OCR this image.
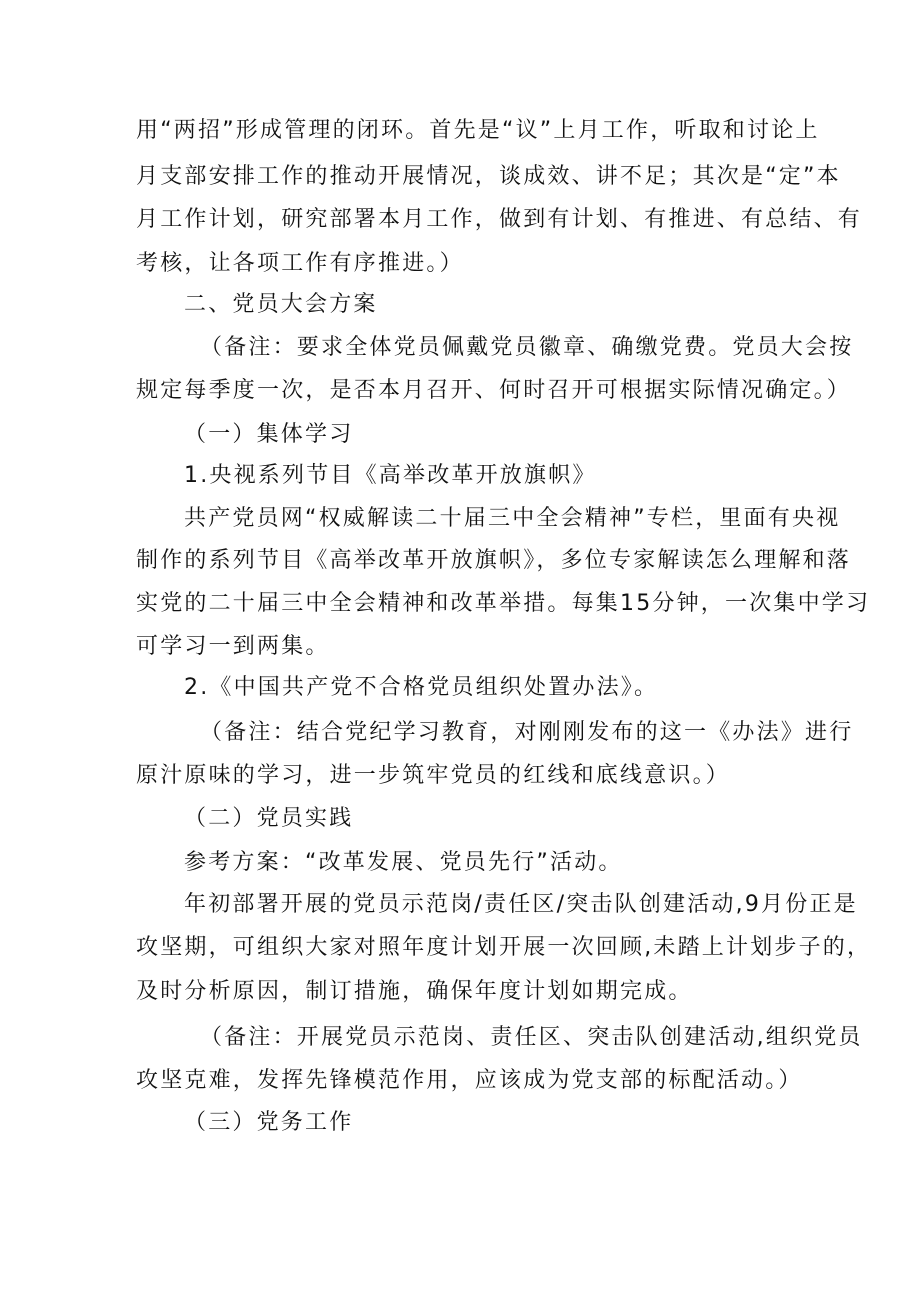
用“两招”形成管理的闭环。首先是“议”上月工作，听取和讨论上
月支部安排工作的推动开展情况，谈成效、讲不足；其次是“定”本
月工作计划，研究部署本月工作，做到有计划、有推进、有总结、有
考核，让各项工作有序推进。）
二、党员大会方案
（备注：要求全体党员佩戴党员徽章、确缴党费。党员大会按
规定每季度一次，是否本月召开、何时召开可根据实际情况确定。）
（一）集体学习
1.央视系列节目《高举改革开放旗帜》
共产党员网“权威解读二十届三中全会精神”专栏，里面有央视
制作的系列节目《高举改革开放旗帜》，多位专家解读怎么理解和落
实党的二十届三中全会精神和改革举措。每集15分钟，一次集中学习
可学习一到两集。
2.《中国共产党不合格党员组织处置办法》。
（备注：结合党纪学习教育，对刚刚发布的这一《办法》进行
原汁原味的学习，进一步筑牢党员的红线和底线意识。）
（二）党员实践
参考方案：“改革发展、党员先行”活动。
年初部署开展的党员示范岗/责任区/突击队创建活动,9月份正是
攻坚期，可组织大家对照年度计划开展一次回顾,未踏上计划步子的，
及时分析原因，制订措施，确保年度计划如期完成。
（备注：开展党员示范岗、责任区、突击队创建活动,组织党员
攻坚克难，发挥先锋模范作用，应该成为党支部的标配活动。）
（三）党务工作
